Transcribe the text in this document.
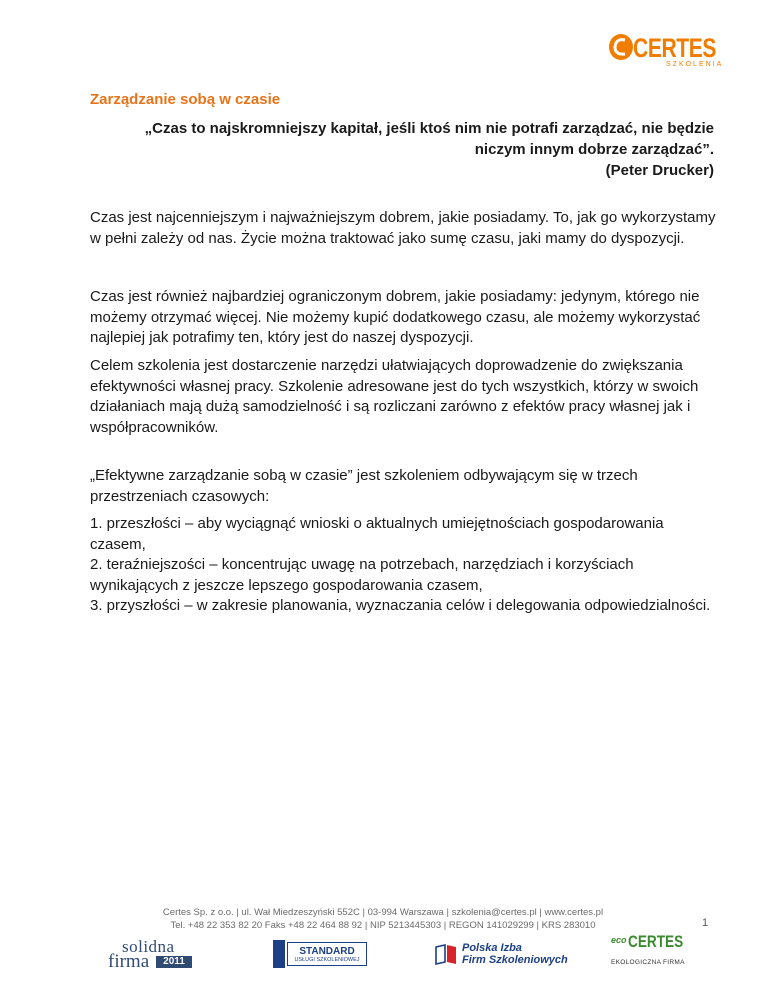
CERTES
SZKOLENIA
Zarządzanie sobą w czasie
„Czas to najskromniejszy kapitał, jeśli ktoś nim nie potrafi zarządzać, nie będzie
niczym innym dobrze zarządzać”.
(Peter Drucker)

Czas jest najcenniejszym i najważniejszym dobrem, jakie posiadamy. To, jak go wykorzystamy w pełni zależy od nas. Życie można traktować jako sumę czasu, jaki mamy do dyspozycji.

Czas jest również najbardziej ograniczonym dobrem, jakie posiadamy: jedynym, którego nie możemy otrzymać więcej. Nie możemy kupić dodatkowego czasu, ale możemy wykorzystać najlepiej jak potrafimy ten, który jest do naszej dyspozycji.

Celem szkolenia jest dostarczenie narzędzi ułatwiających doprowadzenie do zwiększania efektywności własnej pracy. Szkolenie adresowane jest do tych wszystkich, którzy w swoich działaniach mają dużą samodzielność i są rozliczani zarówno z efektów pracy własnej jak i współpracowników.

„Efektywne zarządzanie sobą w czasie” jest szkoleniem odbywającym się w trzech przestrzeniach czasowych:

1. przeszłości – aby wyciągnąć wnioski o aktualnych umiejętnościach gospodarowania czasem,
2. teraźniejszości – koncentrując uwagę na potrzebach, narzędziach i korzyściach wynikających z jeszcze lepszego gospodarowania czasem,
3. przyszłości – w zakresie planowania, wyznaczania celów i delegowania odpowiedzialności.
Certes Sp. z o.o. | ul. Wał Miedzeszyński 552C | 03-994 Warszawa | szkolenia@certes.pl | www.certes.pl
Tel. +48 22 353 82 20 Faks +48 22 464 88 92 | NIP 5213445303 | REGON 141029299 | KRS 283010	1
solidna
firma	2011
STANDARD
USŁUGI SZKOLENIOWEJ
Polska Izba
Firm Szkoleniowych
eco CERTES
EKOLOGICZNA FIRMA
